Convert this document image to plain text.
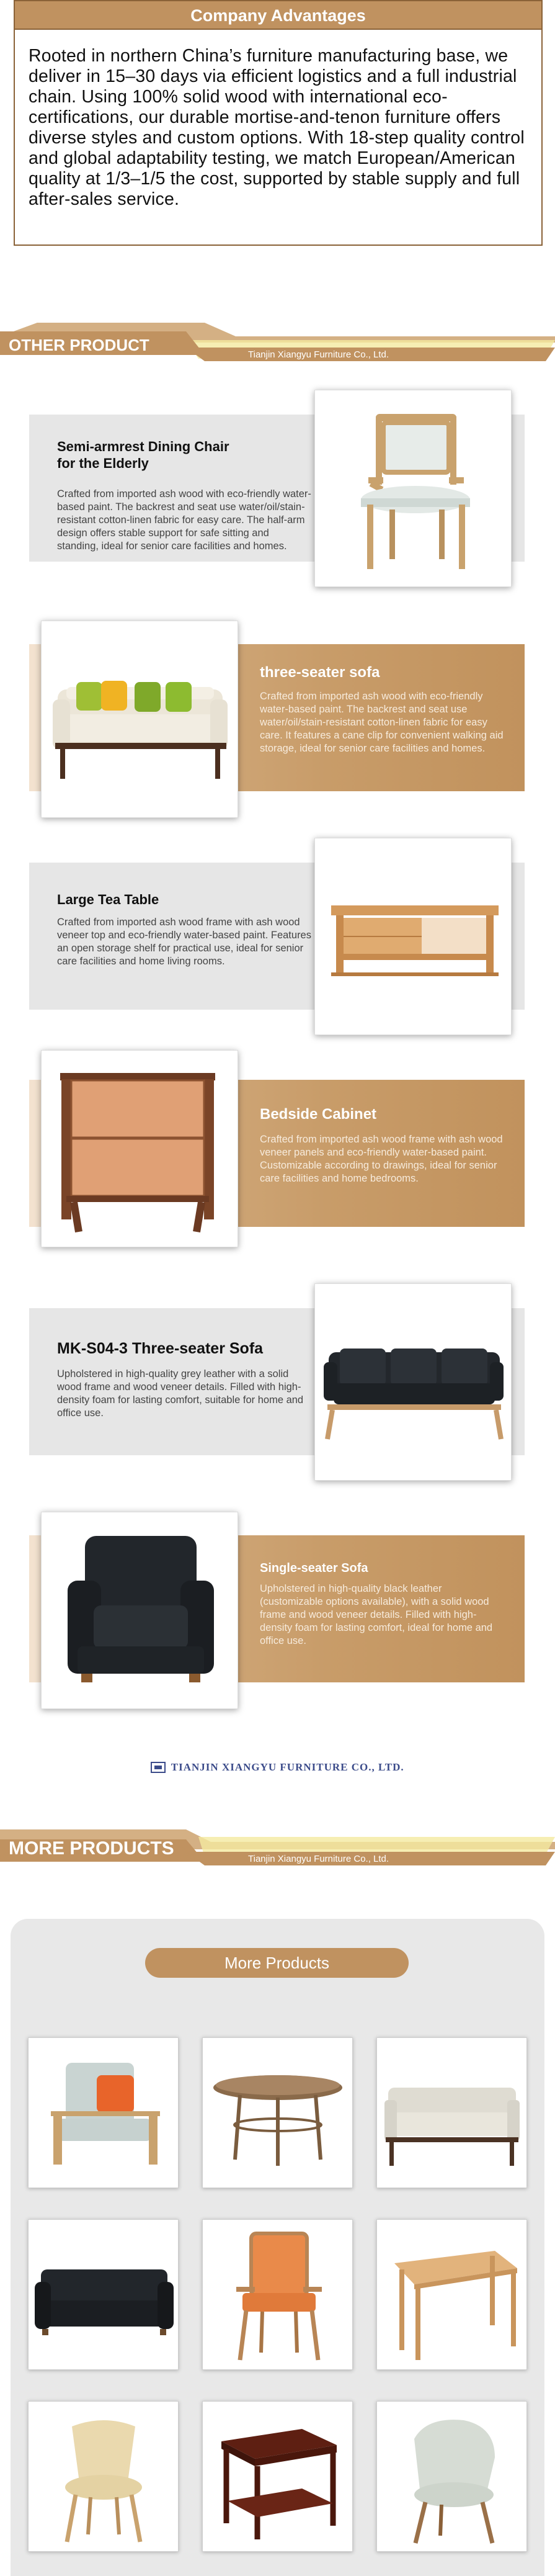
Company Advantages
Rooted in northern China’s furniture manufacturing base, we deliver in 15–30 days via efficient logistics and a full industrial chain. Using 100% solid wood with international eco-certifications, our durable mortise-and-tenon furniture offers diverse styles and custom options. With 18-step quality control and global adaptability testing, we match European/American quality at 1/3–1/5 the cost, supported by stable supply and full after-sales service.
OTHER PRODUCT
Tianjin Xiangyu Furniture Co., Ltd.
Semi-armrest Dining Chair for the Elderly
Crafted from imported ash wood with eco-friendly water-based paint. The backrest and seat use water/oil/stain-resistant cotton-linen fabric for easy care. The half-arm design offers stable support for safe sitting and standing, ideal for senior care facilities and homes.
three-seater sofa
Crafted from imported ash wood with eco-friendly water-based paint. The backrest and seat use water/oil/stain-resistant cotton-linen fabric for easy care. It features a cane clip for convenient walking aid storage, ideal for senior care facilities and homes.
Large Tea Table
Crafted from imported ash wood frame with ash wood veneer top and eco-friendly water-based paint. Features an open storage shelf for practical use, ideal for senior care facilities and home living rooms.
Bedside Cabinet
Crafted from imported ash wood frame with ash wood veneer panels and eco-friendly water-based paint. Customizable according to drawings, ideal for senior care facilities and home bedrooms.
MK-S04-3 Three-seater Sofa
Upholstered in high-quality grey leather with a solid wood frame and wood veneer details. Filled with high-density foam for lasting comfort, suitable for home and office use.
Single-seater Sofa
Upholstered in high-quality black leather (customizable options available), with a solid wood frame and wood veneer details. Filled with high-density foam for lasting comfort, ideal for home and office use.
TIANJIN XIANGYU FURNITURE CO., LTD.
MORE PRODUCTS
Tianjin Xiangyu Furniture Co., Ltd.
More Products
